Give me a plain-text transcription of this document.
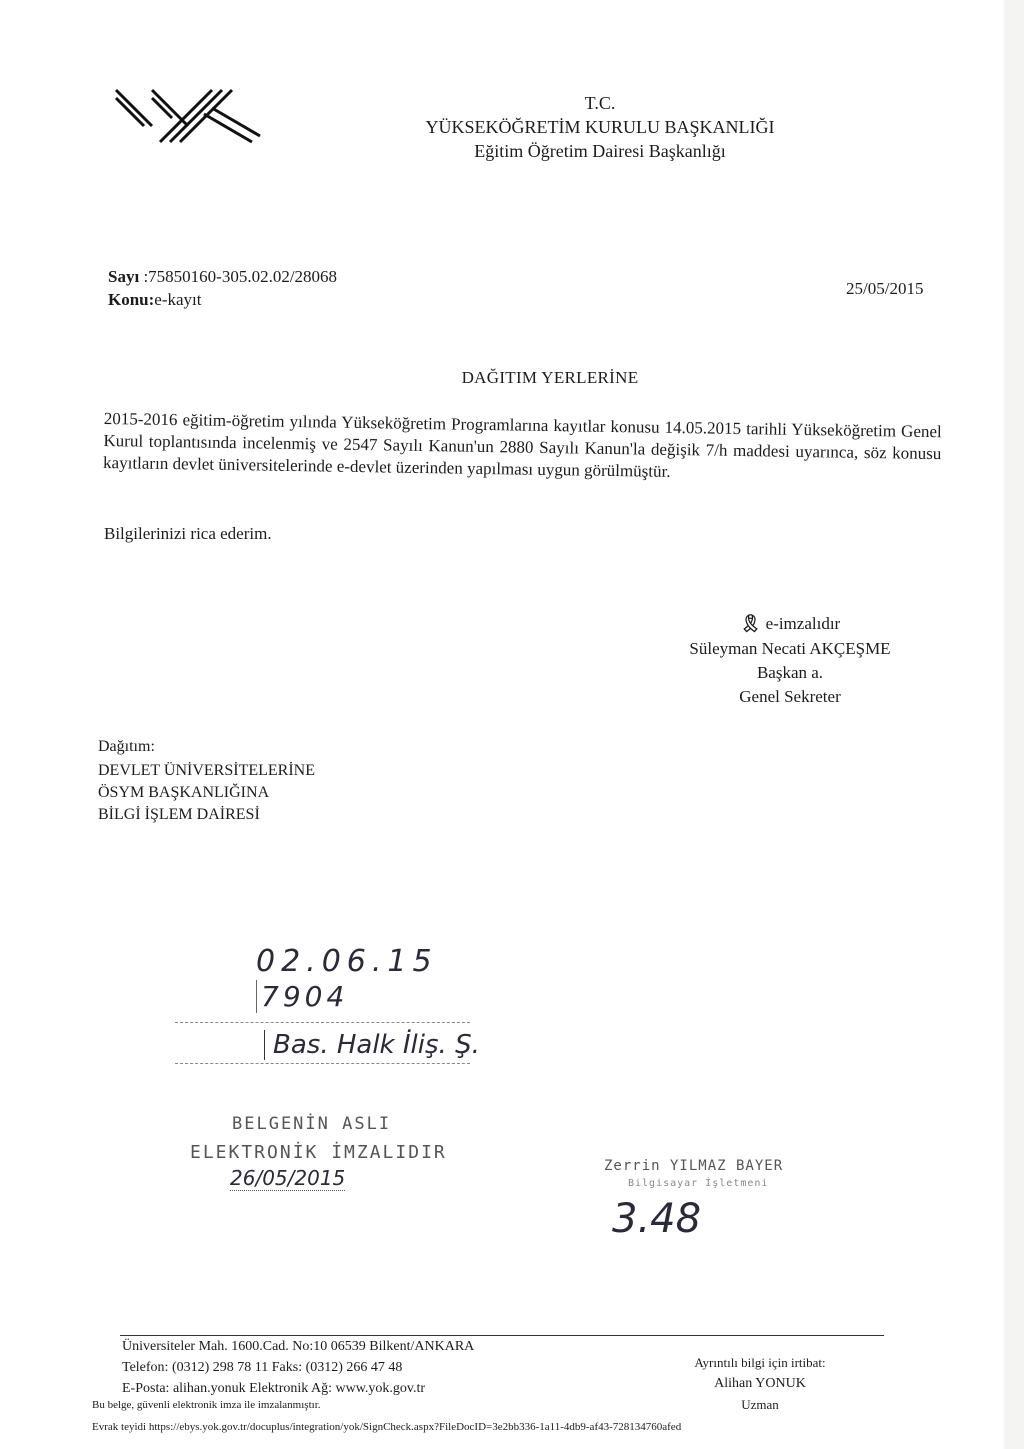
T.C.
YÜKSEKÖĞRETİM KURULU BAŞKANLIĞI
Eğitim Öğretim Dairesi Başkanlığı
Sayı :75850160-305.02.02/28068
Konu:e-kayıt
25/05/2015
DAĞITIM YERLERİNE
2015-2016 eğitim-öğretim yılında Yükseköğretim Programlarına kayıtlar konusu 14.05.2015 tarihli Yükseköğretim Genel Kurul toplantısında incelenmiş ve 2547 Sayılı Kanun'un 2880 Sayılı Kanun'la değişik 7/h maddesi uyarınca, söz konusu kayıtların devlet üniversitelerinde e-devlet üzerinden yapılması uygun görülmüştür.
Bilgilerinizi rica ederim.
🎗︎ e-imzalıdır
Süleyman Necati AKÇEŞME
Başkan a.
Genel Sekreter
Dağıtım:
DEVLET ÜNİVERSİTELERİNE
ÖSYM BAŞKANLIĞINA
BİLGİ İŞLEM DAİRESİ
02.06.15
7904
Bas. Halk İliş. Ş.
BELGENİN ASLI
ELEKTRONİK İMZALIDIR
26/05/2015	Zerrin YILMAZ BAYER
Bilgisayar İşletmeni
3.48
Üniversiteler Mah. 1600.Cad. No:10 06539 Bilkent/ANKARA
Telefon: (0312) 298 78 11 Faks: (0312) 266 47 48
E-Posta: alihan.yonuk Elektronik Ağ: www.yok.gov.tr
Bu belge, güvenli elektronik imza ile imzalanmıştır.
Evrak teyidi https://ebys.yok.gov.tr/docuplus/integration/yok/SignCheck.aspx?FileDocID=3e2bb336-1a11-4db9-af43-728134760afed
Ayrıntılı bilgi için irtibat:
Alihan YONUK
Uzman
